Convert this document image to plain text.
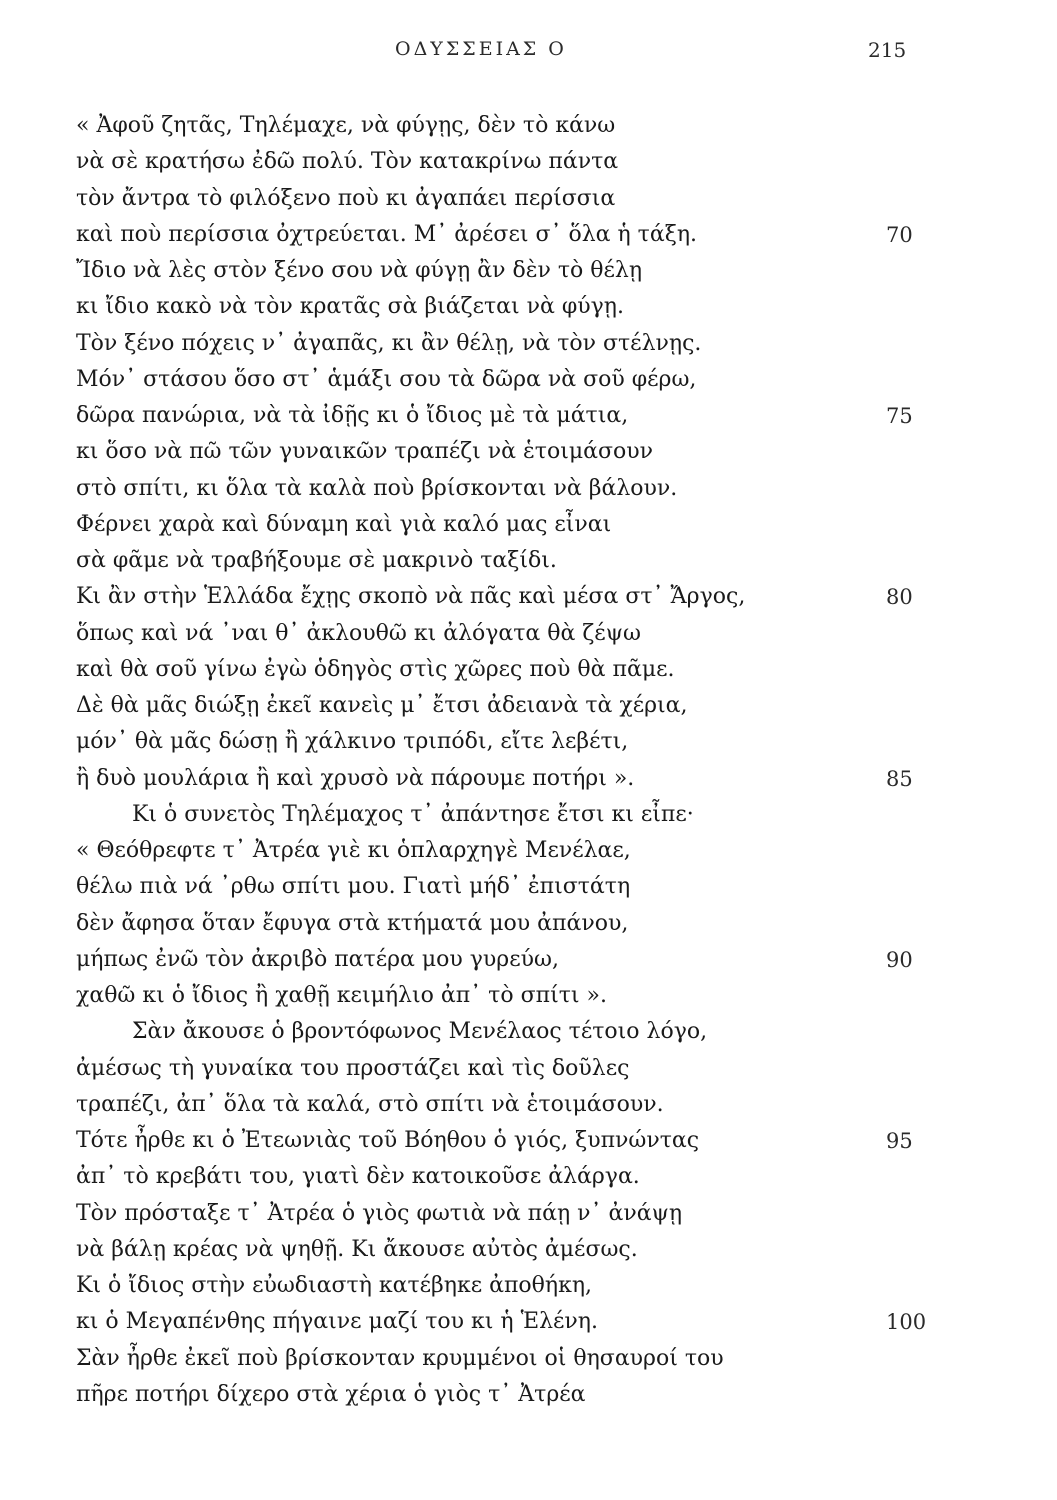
ΟΔΥΣΣΕΙΑΣ Ο	215
« Ἀφοῦ ζητᾶς, Τηλέμαχε, νὰ φύγῃς, δὲν τὸ κάνω
νὰ σὲ κρατήσω ἐδῶ πολύ. Τὸν κατακρίνω πάντα
τὸν ἄντρα τὸ φιλόξενο ποὺ κι ἀγαπάει περίσσια
καὶ ποὺ περίσσια ὀχτρεύεται. Μ᾽ ἀρέσει σ᾽ ὅλα ἡ τάξη.	70
Ἴδιο νὰ λὲς στὸν ξένο σου νὰ φύγῃ ἂν δὲν τὸ θέλῃ
κι ἴδιο κακὸ νὰ τὸν κρατᾶς σὰ βιάζεται νὰ φύγῃ.
Τὸν ξένο πόχεις ν᾽ ἀγαπᾶς, κι ἂν θέλῃ, νὰ τὸν στέλνῃς.
Μόν᾽ στάσου ὅσο στ᾽ ἁμάξι σου τὰ δῶρα νὰ σοῦ φέρω,
δῶρα πανώρια, νὰ τὰ ἰδῇς κι ὁ ἴδιος μὲ τὰ μάτια,	75
κι ὅσο νὰ πῶ τῶν γυναικῶν τραπέζι νὰ ἑτοιμάσουν
στὸ σπίτι, κι ὅλα τὰ καλὰ ποὺ βρίσκονται νὰ βάλουν.
Φέρνει χαρὰ καὶ δύναμη καὶ γιὰ καλό μας εἶναι
σὰ φᾶμε νὰ τραβήξουμε σὲ μακρινὸ ταξίδι.
Κι ἂν στὴν Ἑλλάδα ἔχῃς σκοπὸ νὰ πᾶς καὶ μέσα στ᾽ Ἄργος,	80
ὅπως καὶ νά ᾽ναι θ᾽ ἀκλουθῶ κι ἀλόγατα θὰ ζέψω
καὶ θὰ σοῦ γίνω ἐγὼ ὁδηγὸς στὶς χῶρες ποὺ θὰ πᾶμε.
Δὲ θὰ μᾶς διώξῃ ἐκεῖ κανεὶς μ᾽ ἔτσι ἀδειανὰ τὰ χέρια,
μόν᾽ θὰ μᾶς δώσῃ ἢ χάλκινο τριπόδι, εἴτε λεβέτι,
ἢ δυὸ μουλάρια ἢ καὶ χρυσὸ νὰ πάρουμε ποτήρι ».	85
Κι ὁ συνετὸς Τηλέμαχος τ᾽ ἀπάντησε ἔτσι κι εἶπε·
« Θεόθρεφτε τ᾽ Ἀτρέα γιὲ κι ὁπλαρχηγὲ Μενέλαε,
θέλω πιὰ νά ᾽ρθω σπίτι μου. Γιατὶ μήδ᾽ ἐπιστάτη
δὲν ἄφησα ὅταν ἔφυγα στὰ κτήματά μου ἀπάνου,
μήπως ἐνῶ τὸν ἀκριβὸ πατέρα μου γυρεύω,	90
χαθῶ κι ὁ ἴδιος ἢ χαθῇ κειμήλιο ἀπ᾽ τὸ σπίτι ».
Σὰν ἄκουσε ὁ βροντόφωνος Μενέλαος τέτοιο λόγο,
ἀμέσως τὴ γυναίκα του προστάζει καὶ τὶς δοῦλες
τραπέζι, ἀπ᾽ ὅλα τὰ καλά, στὸ σπίτι νὰ ἑτοιμάσουν.
Τότε ἦρθε κι ὁ Ἐτεωνιὰς τοῦ Βόηθου ὁ γιός, ξυπνώντας	95
ἀπ᾽ τὸ κρεβάτι του, γιατὶ δὲν κατοικοῦσε ἀλάργα.
Τὸν πρόσταξε τ᾽ Ἀτρέα ὁ γιὸς φωτιὰ νὰ πάῃ ν᾽ ἀνάψῃ
νὰ βάλῃ κρέας νὰ ψηθῇ. Κι ἄκουσε αὐτὸς ἀμέσως.
Κι ὁ ἴδιος στὴν εὐωδιαστὴ κατέβηκε ἀποθήκη,
κι ὁ Μεγαπένθης πήγαινε μαζί του κι ἡ Ἑλένη.	100
Σὰν ἦρθε ἐκεῖ ποὺ βρίσκονταν κρυμμένοι οἱ θησαυροί του
πῆρε ποτήρι δίχερο στὰ χέρια ὁ γιὸς τ᾽ Ἀτρέα
